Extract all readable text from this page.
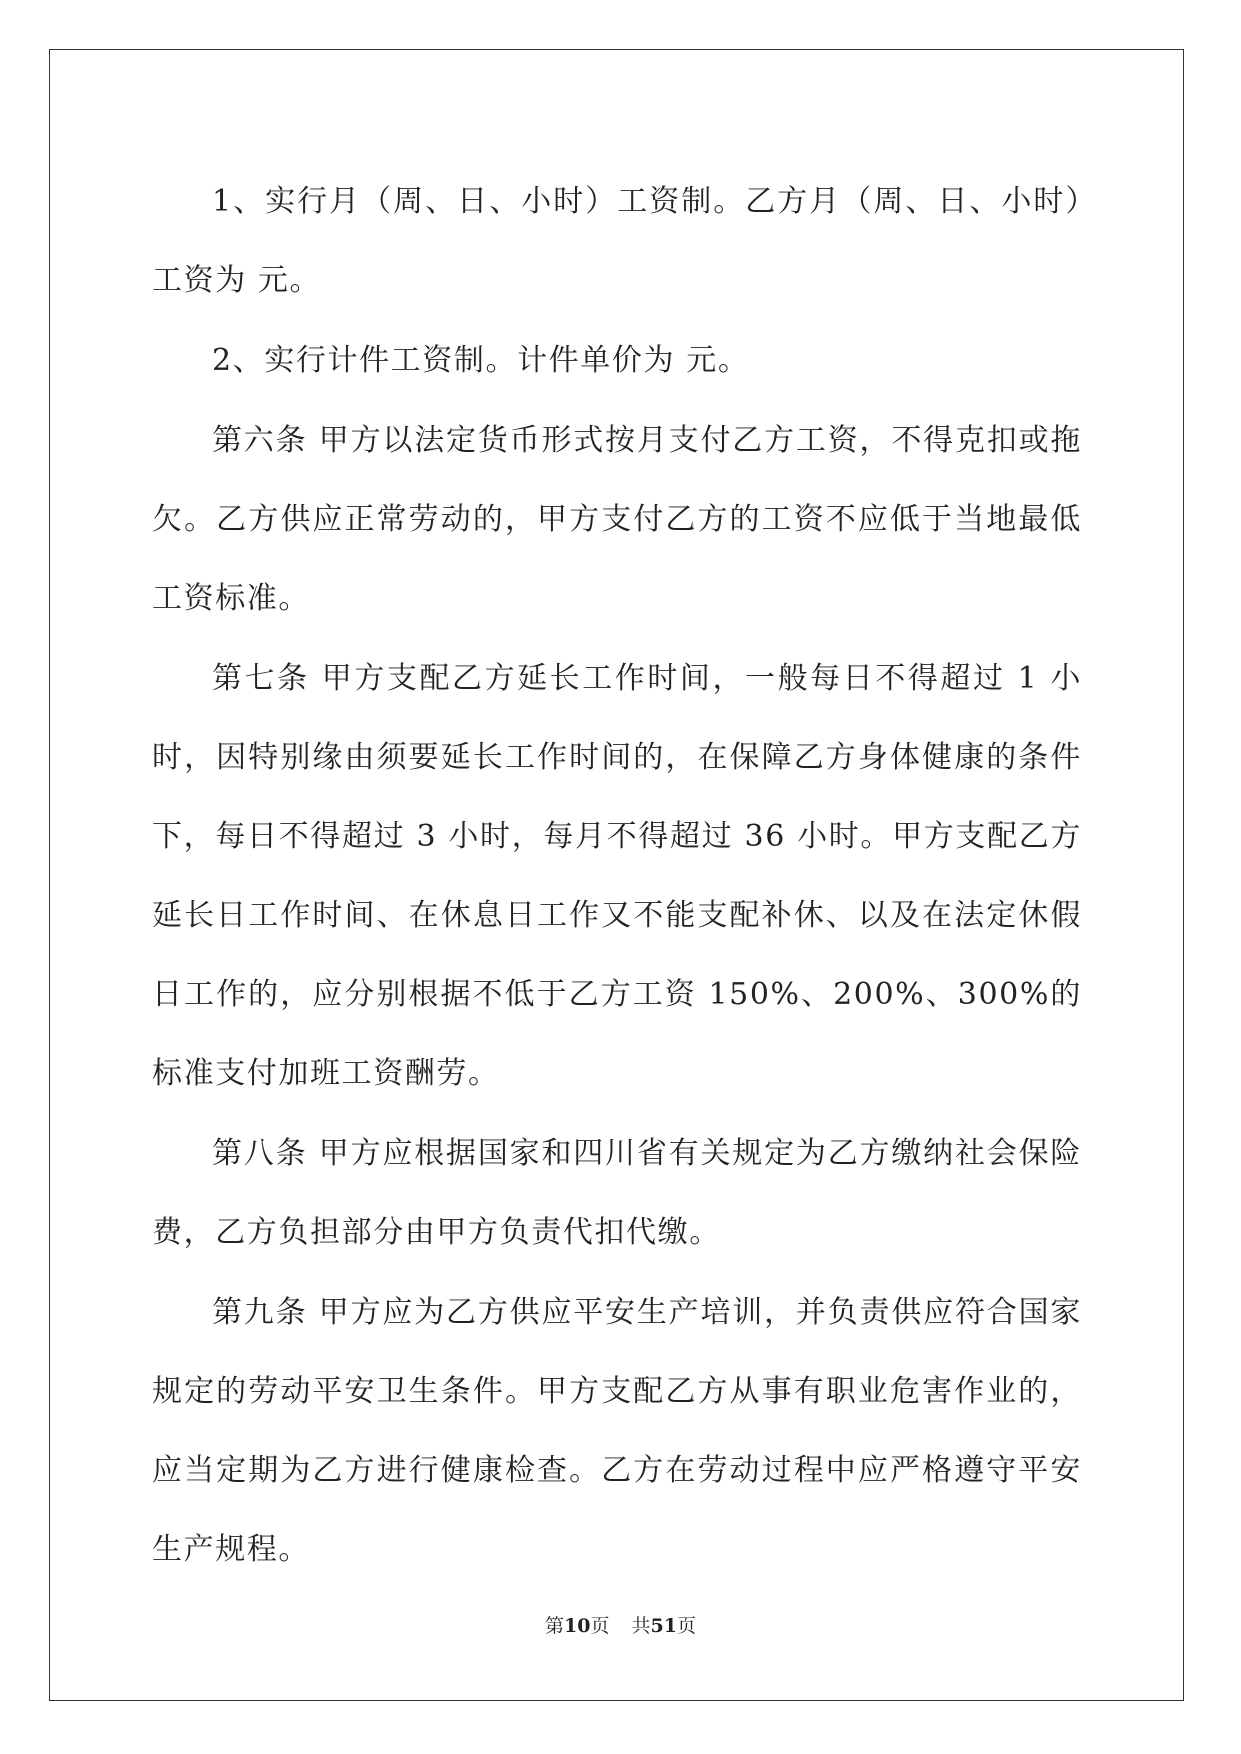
1、实行月（周、日、小时）工资制。乙方月（周、日、小时）工资为 元。

2、实行计件工资制。计件单价为 元。

第六条 甲方以法定货币形式按月支付乙方工资，不得克扣或拖欠。乙方供应正常劳动的，甲方支付乙方的工资不应低于当地最低工资标准。

第七条 甲方支配乙方延长工作时间，一般每日不得超过 1 小时，因特别缘由须要延长工作时间的，在保障乙方身体健康的条件下，每日不得超过 3 小时，每月不得超过 36 小时。甲方支配乙方延长日工作时间、在休息日工作又不能支配补休、以及在法定休假日工作的，应分别根据不低于乙方工资 150%、200%、300%的标准支付加班工资酬劳。

第八条 甲方应根据国家和四川省有关规定为乙方缴纳社会保险费，乙方负担部分由甲方负责代扣代缴。

第九条 甲方应为乙方供应平安生产培训，并负责供应符合国家规定的劳动平安卫生条件。甲方支配乙方从事有职业危害作业的，应当定期为乙方进行健康检查。乙方在劳动过程中应严格遵守平安生产规程。

第10页 共51页
